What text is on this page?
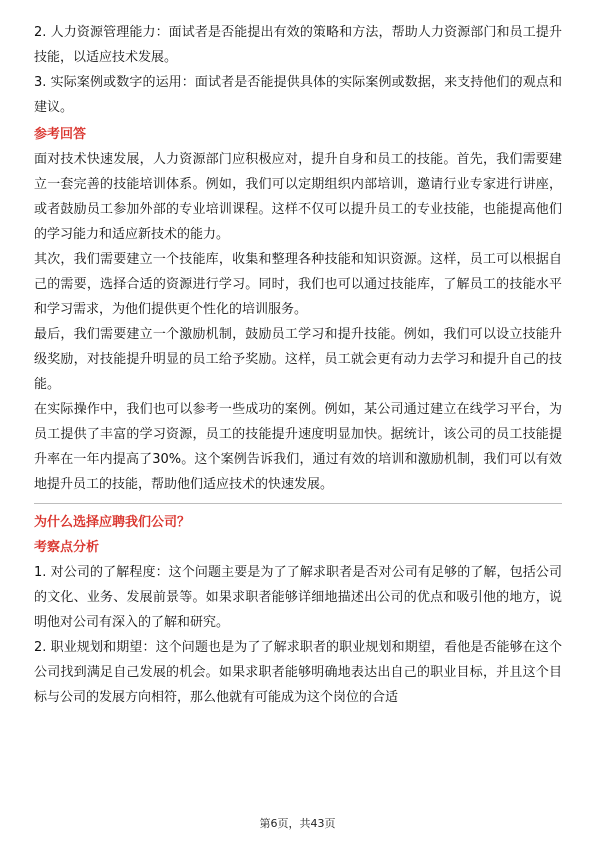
2. 人力资源管理能力：面试者是否能提出有效的策略和方法，帮助人力资源部门和员工提升技能，以适应技术发展。

3. 实际案例或数字的运用：面试者是否能提供具体的实际案例或数据，来支持他们的观点和建议。

参考回答

面对技术快速发展，人力资源部门应积极应对，提升自身和员工的技能。首先，我们需要建立一套完善的技能培训体系。例如，我们可以定期组织内部培训，邀请行业专家进行讲座，或者鼓励员工参加外部的专业培训课程。这样不仅可以提升员工的专业技能，也能提高他们的学习能力和适应新技术的能力。

其次，我们需要建立一个技能库，收集和整理各种技能和知识资源。这样，员工可以根据自己的需要，选择合适的资源进行学习。同时，我们也可以通过技能库，了解员工的技能水平和学习需求，为他们提供更个性化的培训服务。

最后，我们需要建立一个激励机制，鼓励员工学习和提升技能。例如，我们可以设立技能升级奖励，对技能提升明显的员工给予奖励。这样，员工就会更有动力去学习和提升自己的技能。

在实际操作中，我们也可以参考一些成功的案例。例如，某公司通过建立在线学习平台，为员工提供了丰富的学习资源，员工的技能提升速度明显加快。据统计，该公司的员工技能提升率在一年内提高了30%。这个案例告诉我们，通过有效的培训和激励机制，我们可以有效地提升员工的技能，帮助他们适应技术的快速发展。

为什么选择应聘我们公司？

考察点分析

1. 对公司的了解程度：这个问题主要是为了了解求职者是否对公司有足够的了解，包括公司的文化、业务、发展前景等。如果求职者能够详细地描述出公司的优点和吸引他的地方，说明他对公司有深入的了解和研究。

2. 职业规划和期望：这个问题也是为了了解求职者的职业规划和期望，看他是否能够在这个公司找到满足自己发展的机会。如果求职者能够明确地表达出自己的职业目标，并且这个目标与公司的发展方向相符，那么他就有可能成为这个岗位的合适

第6页，共43页
